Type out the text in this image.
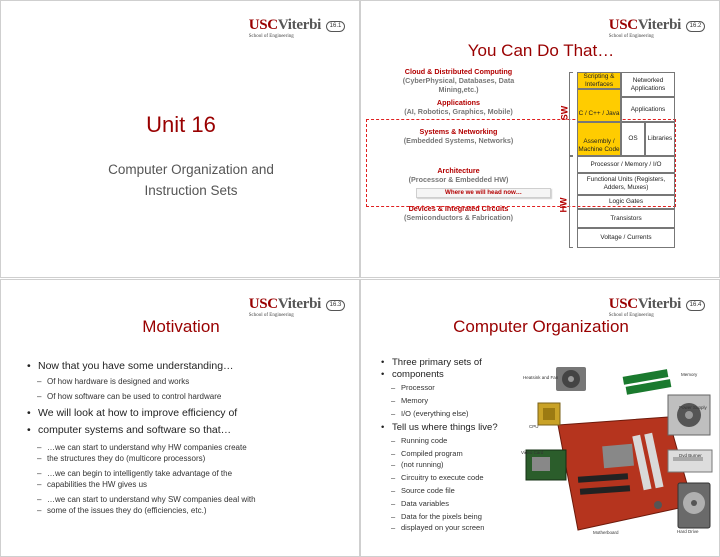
USCViterbi
School of Engineering
16.1
Unit 16
Computer Organization and
Instruction Sets
USCViterbi
School of Engineering
16.2
You Can Do That…
Cloud & Distributed Computing
(CyberPhysical, Databases, Data
Mining,etc.)
Applications
(AI, Robotics, Graphics, Mobile)
Systems & Networking
(Embedded Systems, Networks)
Architecture
(Processor & Embedded HW)
Devices & Integrated Circuits
(Semiconductors & Fabrication)
Where we will head now…
Scripting & Interfaces
Networked Applications
Applications
C / C++ / Java
Assembly / Machine Code
OS	Libraries
Processor / Memory / I/O
Functional Units (Registers, Adders, Muxes)
Logic Gates
Transistors
Voltage / Currents
SW
HW
USCViterbi
School of Engineering
16.3
Motivation
• Now that you have some understanding…
– Of how hardware is designed and works
– Of how software can be used to control hardware
• We will look at how to improve efficiency of
• computer systems and software so that…
– …we can start to understand why HW companies create
– the structures they do (multicore processors)
– …we can begin to intelligently take advantage of the
– capabilities the HW gives us
– …we can start to understand why SW companies deal with
– some of the issues they do (efficiencies, etc.)
USCViterbi
School of Engineering
16.4
Computer Organization
• Three primary sets of
• components
– Processor
– Memory
– I/O (everything else)
• Tell us where things live?
– Running code
– Compiled program
– (not running)
– Circuitry to execute code
– Source code file
– Data variables
– Data for the pixels being
– displayed on your screen
Heatsink and Fan
Memory
Power Supply
CPU
Video Card
Dvd Burner
Motherboard	Hard Drive
